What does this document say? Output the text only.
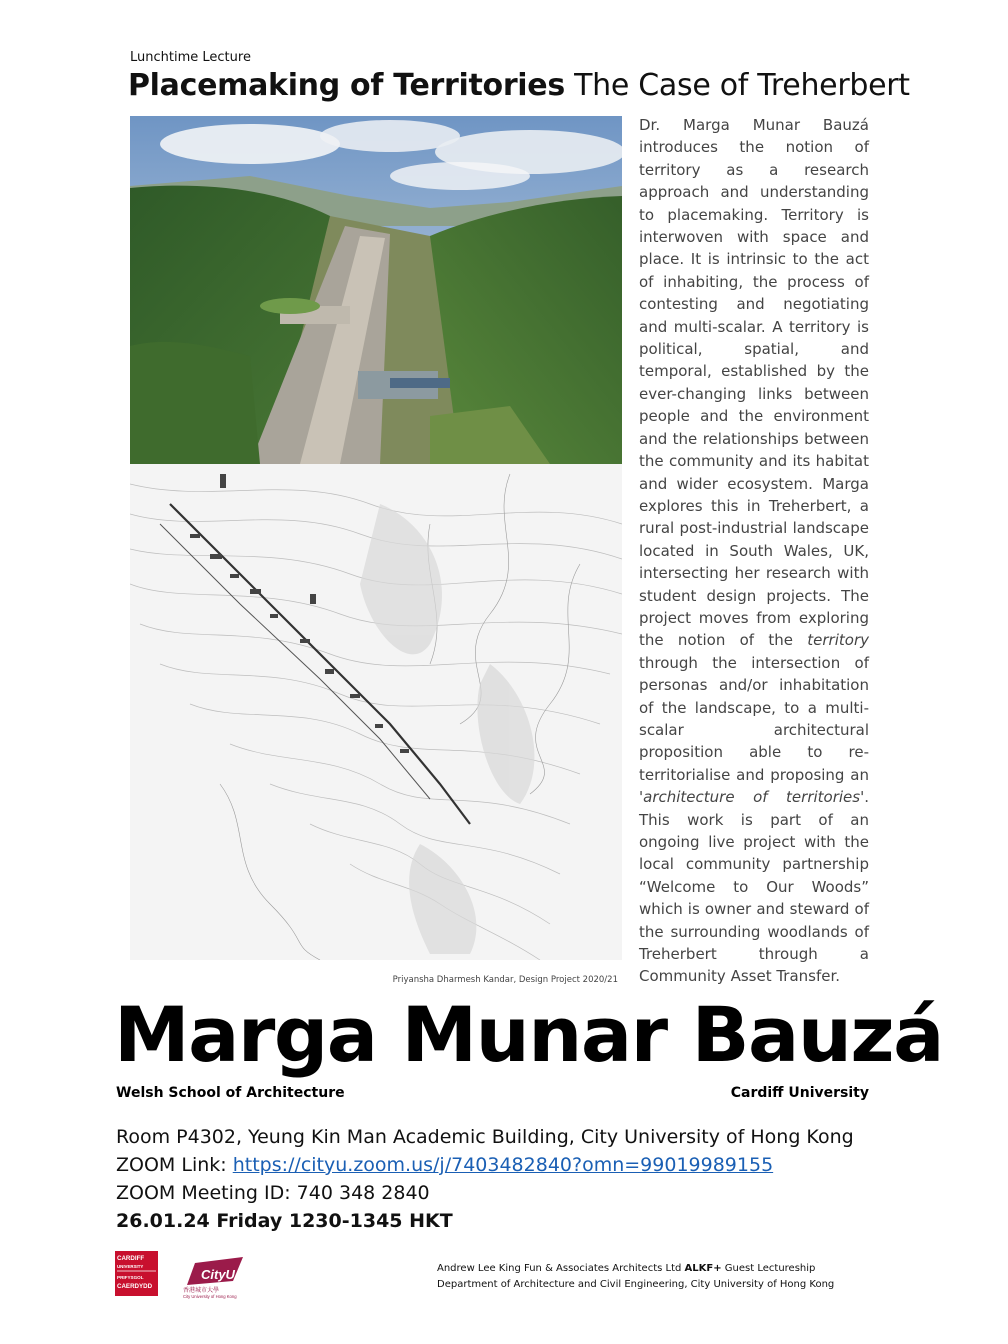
Lunchtime Lecture
Placemaking of Territories The Case of Treherbert
Priyansha Dharmesh Kandar, Design Project 2020/21
Dr. Marga Munar Bauzá introduces the notion of territory as a research approach and understanding to placemaking. Territory is interwoven with space and place. It is intrinsic to the act of inhabiting, the process of contesting and negotiating and multi-scalar. A territory is political, spatial, and temporal, established by the ever-changing links between people and the environment and the relationships between the community and its habitat and wider ecosystem. Marga explores this in Treherbert, a rural post-industrial landscape located in South Wales, UK, intersecting her research with student design projects. The project moves from exploring the notion of the territory through the intersection of personas and/or inhabitation of the landscape, to a multi-scalar architectural proposition able to re-territorialise and proposing an 'architecture of territories'. This work is part of an ongoing live project with the local community partnership “Welcome to Our Woods” which is owner and steward of the surrounding woodlands of Treherbert through a Community Asset Transfer.
Marga Munar Bauzá
Welsh School of Architecture	Cardiff University
Room P4302, Yeung Kin Man Academic Building, City University of Hong Kong
ZOOM Link: https://cityu.zoom.us/j/7403482840?omn=99019989155
ZOOM Meeting ID: 740 348 2840
26.01.24 Friday 1230-1345 HKT
CARDIFF
UNIVERSITY
PRIFYSGOL
CAERDYDD
CityU
香港城市大學
City University of Hong Kong
Andrew Lee King Fun & Associates Architects Ltd ALKF+ Guest Lectureship
Department of Architecture and Civil Engineering, City University of Hong Kong
